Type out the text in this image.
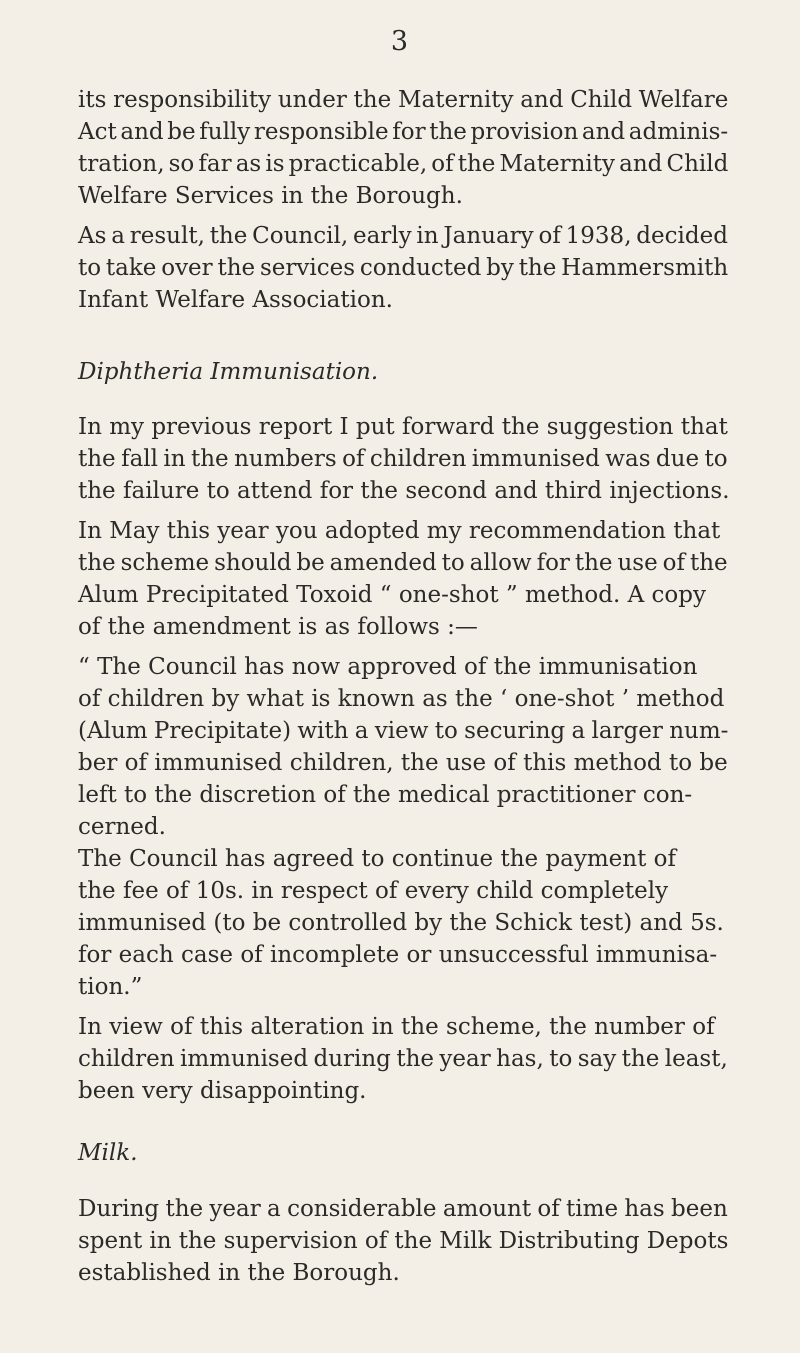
3
its responsibility under the Maternity and Child Welfare
Act and be fully responsible for the provision and adminis-
tration, so far as is practicable, of the Maternity and Child
Welfare Services in the Borough.
As a result, the Council, early in January of 1938, decided
to take over the services conducted by the Hammersmith
Infant Welfare Association.
Diphtheria Immunisation.
In my previous report I put forward the suggestion that
the fall in the numbers of children immunised was due to
the failure to attend for the second and third injections.
In May this year you adopted my recommendation that
the scheme should be amended to allow for the use of the
Alum Precipitated Toxoid “ one-shot ” method. A copy
of the amendment is as follows :—
“ The Council has now approved of the immunisation
of children by what is known as the ‘ one-shot ’ method
(Alum Precipitate) with a view to securing a larger num-
ber of immunised children, the use of this method to be
left to the discretion of the medical practitioner con-
cerned.
The Council has agreed to continue the payment of
the fee of 10s. in respect of every child completely
immunised (to be controlled by the Schick test) and 5s.
for each case of incomplete or unsuccessful immunisa-
tion.”
In view of this alteration in the scheme, the number of
children immunised during the year has, to say the least,
been very disappointing.
Milk.
During the year a considerable amount of time has been
spent in the supervision of the Milk Distributing Depots
established in the Borough.
